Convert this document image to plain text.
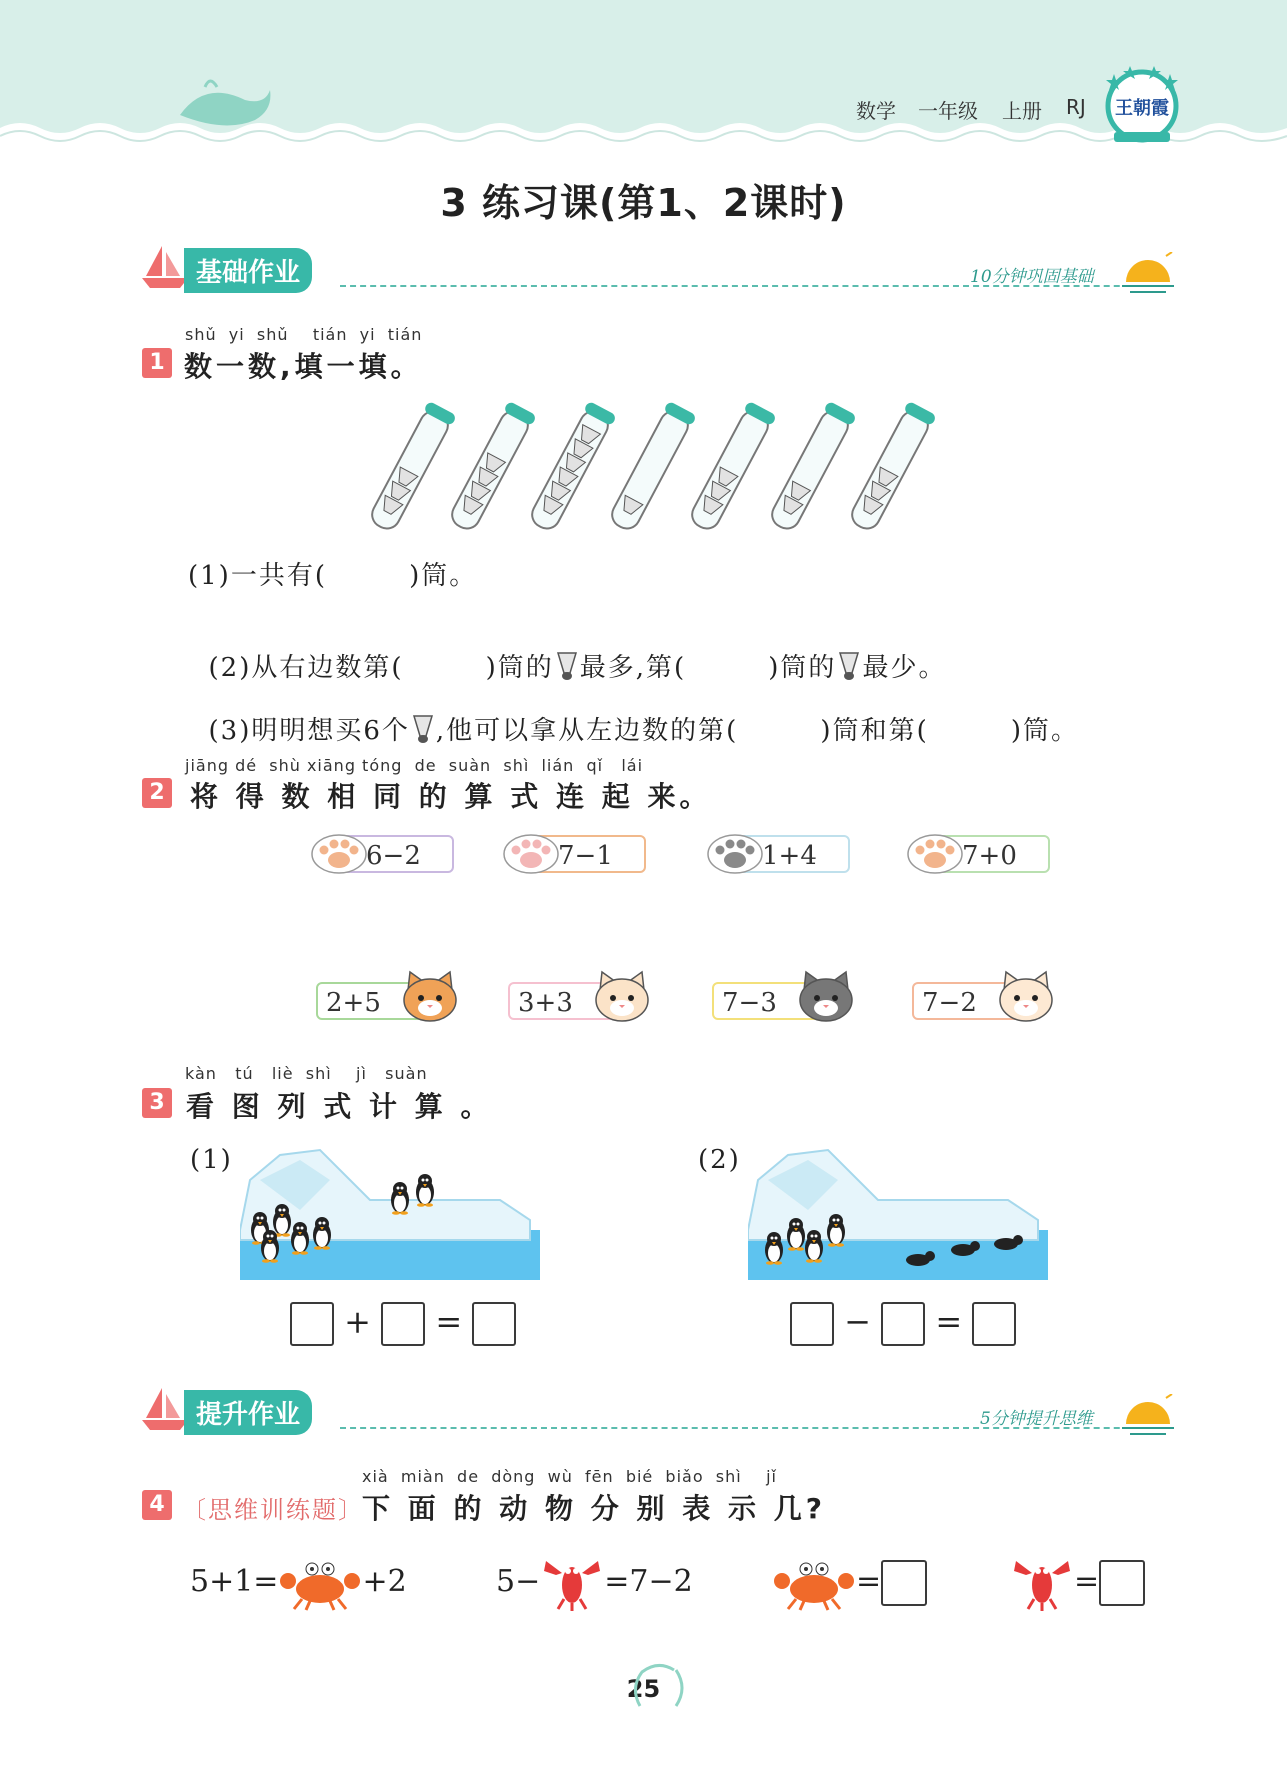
数学 一年级 上册 RJ 王朝霞
3 练习课(第1、2课时)
基础作业	10分钟巩固基础
shǔ  yi  shǔ    tián  yi  tián
1 数一数,填一填。
(1)一共有(        )筒。

(2)从右边数第(        )筒的 最多,第(        )筒的 最少。

(3)明明想买6个 ,他可以拿从左边数的第(        )筒和第(        )筒。

jiāng dé  shù xiāng tóng  de  suàn  shì  lián  qǐ   lái
2 将 得 数 相 同 的 算 式 连 起 来。
6−2	7−1	1+4	7+0
2+5	3+3	7−3	7−2
kàn   tú   liè  shì    jì   suàn
3 看 图 列 式 计 算 。
(1)	(2)
+ =	− =
提升作业	5分钟提升思维
xià  miàn  de  dòng  wù  fēn  bié  biǎo  shì    jǐ
4 〔思维训练题〕
下 面 的 动 物 分 别 表 示 几?
5+1=	+2	5− =7−2	=	=
25
